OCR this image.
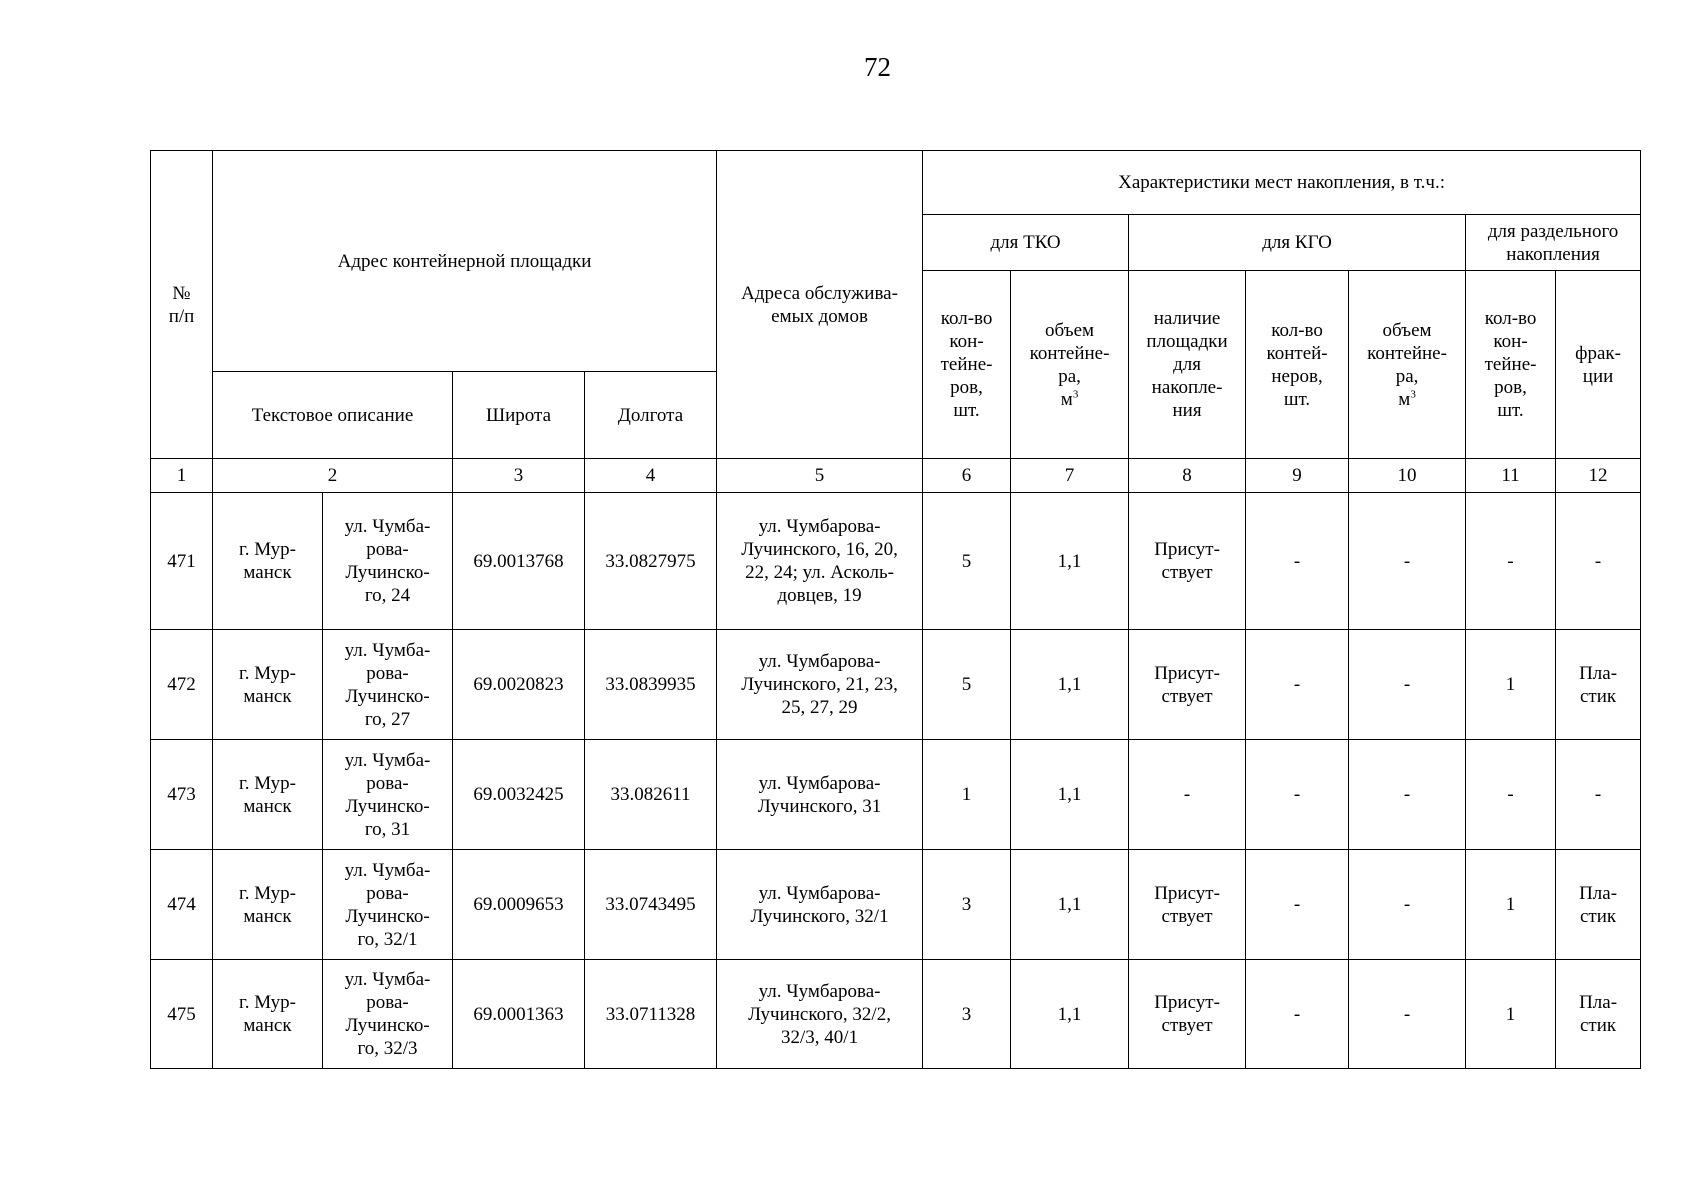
72
№
п/п	Адрес контейнерной площадки				Адреса обслужива-
емых домов	Характеристики мест накопления, в т.ч.:						
						для ТКО		для КГО			для раздельного
накопления	
						кол-во
кон-
тейне-
ров,
шт.	объем
контейне-
ра,
$м^3$	наличие
площадки
для
накопле-
ния	кол-во
контей-
неров,
шт.	объем
контейне-
ра,
$м^3$	кол-во
кон-
тейне-
ров,
шт.	фрак-
ции
	Текстовое описание		Широта	Долгота								
1	2		3	4	5	6	7	8	9	10	11	12
471	г. Мур-
манск	ул. Чумба-
рова-
Лучинско-
го, 24	69.0013768	33.0827975	ул. Чумбарова-
Лучинского, 16, 20,
22, 24; ул. Асколь-
довцев, 19	5	1,1	Присут-
ствует	-	-	-	-
472	г. Мур-
манск	ул. Чумба-
рова-
Лучинско-
го, 27	69.0020823	33.0839935	ул. Чумбарова-
Лучинского, 21, 23,
25, 27, 29	5	1,1	Присут-
ствует	-	-	1	Пла-
стик
473	г. Мур-
манск	ул. Чумба-
рова-
Лучинско-
го, 31	69.0032425	33.082611	ул. Чумбарова-
Лучинского, 31	1	1,1	-	-	-	-	-
474	г. Мур-
манск	ул. Чумба-
рова-
Лучинско-
го, 32/1	69.0009653	33.0743495	ул. Чумбарова-
Лучинского, 32/1	3	1,1	Присут-
ствует	-	-	1	Пла-
стик
475	г. Мур-
манск	ул. Чумба-
рова-
Лучинско-
го, 32/3	69.0001363	33.0711328	ул. Чумбарова-
Лучинского, 32/2,
32/3, 40/1	3	1,1	Присут-
ствует	-	-	1	Пла-
стик
